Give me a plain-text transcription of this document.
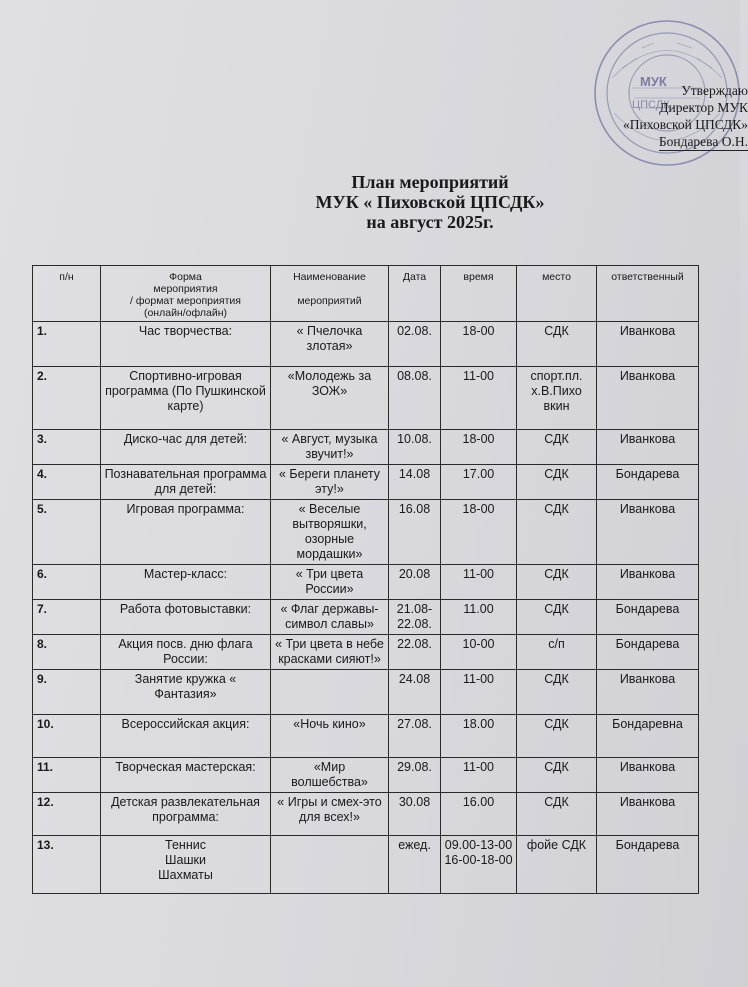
МУК
ЦПСДК
Утверждаю
Директор МУК
«Пиховской ЦПСДК»
Бондарева О.Н.
План мероприятий
МУК « Пиховской ЦПСДК»
на август 2025г.
п/н	Форма
мероприятия
/ формат мероприятия
(онлайн/офлайн)	Наименование

мероприятий	Дата	время	место	ответственный
1.	Час творчества:	« Пчелочка злотая»	02.08.	18-00	СДК	Иванкова
2.	Спортивно-игровая программа (По Пушкинской карте)	«Молодежь за ЗОЖ»	08.08.	11-00	спорт.пл. х.В.Пихо вкин	Иванкова
3.	Диско-час для детей:	« Август, музыка звучит!»	10.08.	18-00	СДК	Иванкова
4.	Познавательная программа для детей:	« Береги планету эту!»	14.08	17.00	СДК	Бондарева
5.	Игровая программа:	« Веселые вытворяшки, озорные мордашки»	16.08	18-00	СДК	Иванкова
6.	Мастер-класс:	« Три цвета России»	20.08	11-00	СДК	Иванкова
7.	Работа фотовыставки:	« Флаг державы- символ славы»	21.08- 22.08.	11.00	СДК	Бондарева
8.	Акция посв. дню флага России:	« Три цвета в небе красками сияют!»	22.08.	10-00	с/п	Бондарева
9.	Занятие кружка « Фантазия»		24.08	11-00	СДК	Иванкова
10.	Всероссийская акция:	«Ночь кино»	27.08.	18.00	СДК	Бондаревна
11.	Творческая мастерская:	«Мир волшебства»	29.08.	11-00	СДК	Иванкова
12.	Детская развлекательная программа:	« Игры и смех-это для всех!»	30.08	16.00	СДК	Иванкова
13.	Теннис
Шашки
Шахматы		ежед.	09.00-13-00
16-00-18-00	фойе СДК	Бондарева
